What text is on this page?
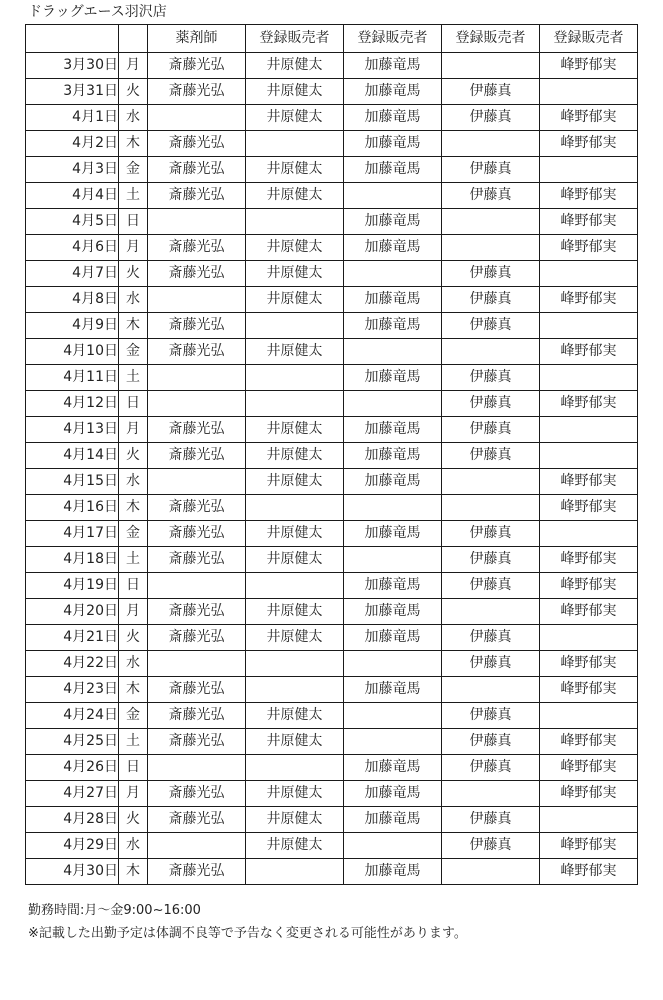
ドラッグエース羽沢店
		薬剤師	登録販売者	登録販売者	登録販売者	登録販売者
3月30日	月	斎藤光弘	井原健太	加藤竜馬		峰野郁実
3月31日	火	斎藤光弘	井原健太	加藤竜馬	伊藤真	
4月1日	水		井原健太	加藤竜馬	伊藤真	峰野郁実
4月2日	木	斎藤光弘		加藤竜馬		峰野郁実
4月3日	金	斎藤光弘	井原健太	加藤竜馬	伊藤真	
4月4日	土	斎藤光弘	井原健太		伊藤真	峰野郁実
4月5日	日			加藤竜馬		峰野郁実
4月6日	月	斎藤光弘	井原健太	加藤竜馬		峰野郁実
4月7日	火	斎藤光弘	井原健太		伊藤真	
4月8日	水		井原健太	加藤竜馬	伊藤真	峰野郁実
4月9日	木	斎藤光弘		加藤竜馬	伊藤真	
4月10日	金	斎藤光弘	井原健太			峰野郁実
4月11日	土			加藤竜馬	伊藤真	
4月12日	日				伊藤真	峰野郁実
4月13日	月	斎藤光弘	井原健太	加藤竜馬	伊藤真	
4月14日	火	斎藤光弘	井原健太	加藤竜馬	伊藤真	
4月15日	水		井原健太	加藤竜馬		峰野郁実
4月16日	木	斎藤光弘				峰野郁実
4月17日	金	斎藤光弘	井原健太	加藤竜馬	伊藤真	
4月18日	土	斎藤光弘	井原健太		伊藤真	峰野郁実
4月19日	日			加藤竜馬	伊藤真	峰野郁実
4月20日	月	斎藤光弘	井原健太	加藤竜馬		峰野郁実
4月21日	火	斎藤光弘	井原健太	加藤竜馬	伊藤真	
4月22日	水				伊藤真	峰野郁実
4月23日	木	斎藤光弘		加藤竜馬		峰野郁実
4月24日	金	斎藤光弘	井原健太		伊藤真	
4月25日	土	斎藤光弘	井原健太		伊藤真	峰野郁実
4月26日	日			加藤竜馬	伊藤真	峰野郁実
4月27日	月	斎藤光弘	井原健太	加藤竜馬		峰野郁実
4月28日	火	斎藤光弘	井原健太	加藤竜馬	伊藤真	
4月29日	水		井原健太		伊藤真	峰野郁実
4月30日	木	斎藤光弘		加藤竜馬		峰野郁実
勤務時間:月～金9:00~16:00
※記載した出勤予定は体調不良等で予告なく変更される可能性があります。
